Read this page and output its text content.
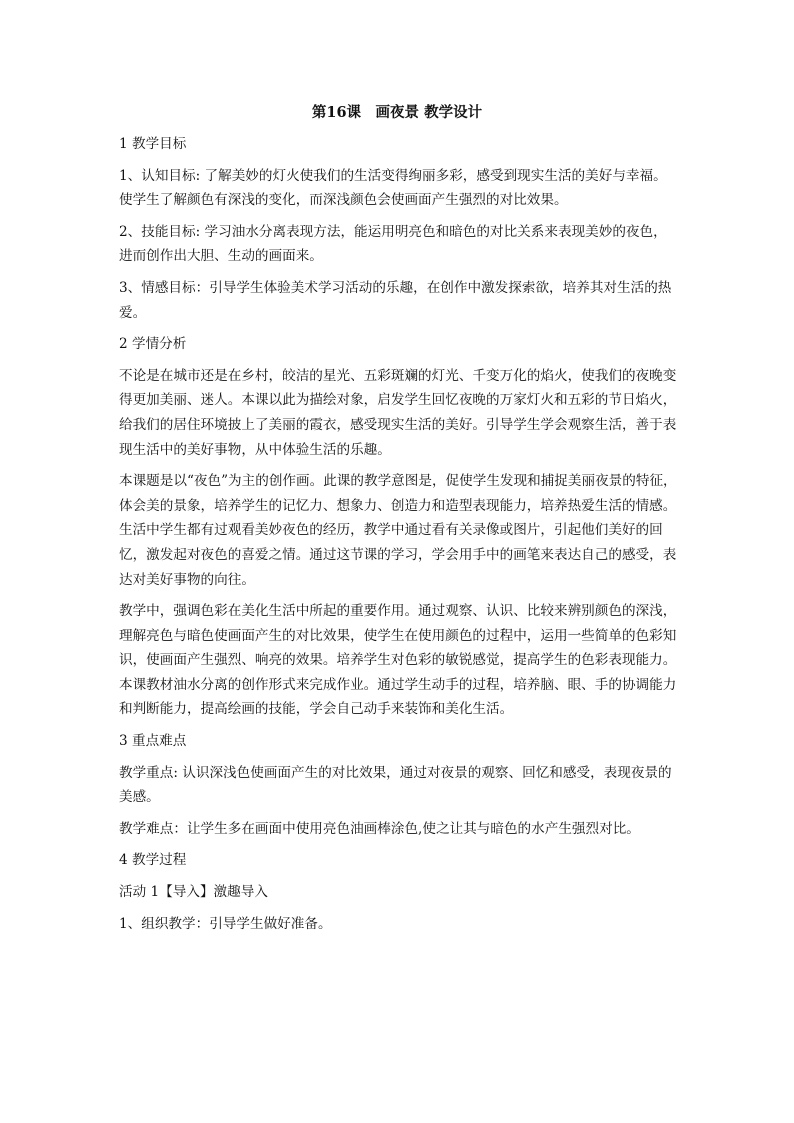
第16课　画夜景 教学设计

1 教学目标

1、认知目标: 了解美妙的灯火使我们的生活变得绚丽多彩，感受到现实生活的美好与幸福。使学生了解颜色有深浅的变化，而深浅颜色会使画面产生强烈的对比效果。

2、技能目标: 学习油水分离表现方法，能运用明亮色和暗色的对比关系来表现美妙的夜色，进而创作出大胆、生动的画面来。

3、情感目标：引导学生体验美术学习活动的乐趣，在创作中激发探索欲，培养其对生活的热爱。

2 学情分析

不论是在城市还是在乡村，皎洁的星光、五彩斑斓的灯光、千变万化的焰火，使我们的夜晚变得更加美丽、迷人。本课以此为描绘对象，启发学生回忆夜晚的万家灯火和五彩的节日焰火，给我们的居住环境披上了美丽的霞衣，感受现实生活的美好。引导学生学会观察生活，善于表现生活中的美好事物，从中体验生活的乐趣。

本课题是以“夜色”为主的创作画。此课的教学意图是，促使学生发现和捕捉美丽夜景的特征，体会美的景象，培养学生的记忆力、想象力、创造力和造型表现能力，培养热爱生活的情感。生活中学生都有过观看美妙夜色的经历，教学中通过看有关录像或图片，引起他们美好的回忆，激发起对夜色的喜爱之情。通过这节课的学习，学会用手中的画笔来表达自己的感受，表达对美好事物的向往。

教学中，强调色彩在美化生活中所起的重要作用。通过观察、认识、比较来辨别颜色的深浅，理解亮色与暗色使画面产生的对比效果，使学生在使用颜色的过程中，运用一些简单的色彩知识，使画面产生强烈、响亮的效果。培养学生对色彩的敏锐感觉，提高学生的色彩表现能力。 本课教材油水分离的创作形式来完成作业。通过学生动手的过程，培养脑、眼、手的协调能力和判断能力，提高绘画的技能，学会自己动手来装饰和美化生活。

3 重点难点

教学重点: 认识深浅色使画面产生的对比效果，通过对夜景的观察、回忆和感受，表现夜景的美感。

教学难点：让学生多在画面中使用亮色油画棒涂色,使之让其与暗色的水产生强烈对比。

4 教学过程

活动 1【导入】激趣导入

1、组织教学：引导学生做好准备。
